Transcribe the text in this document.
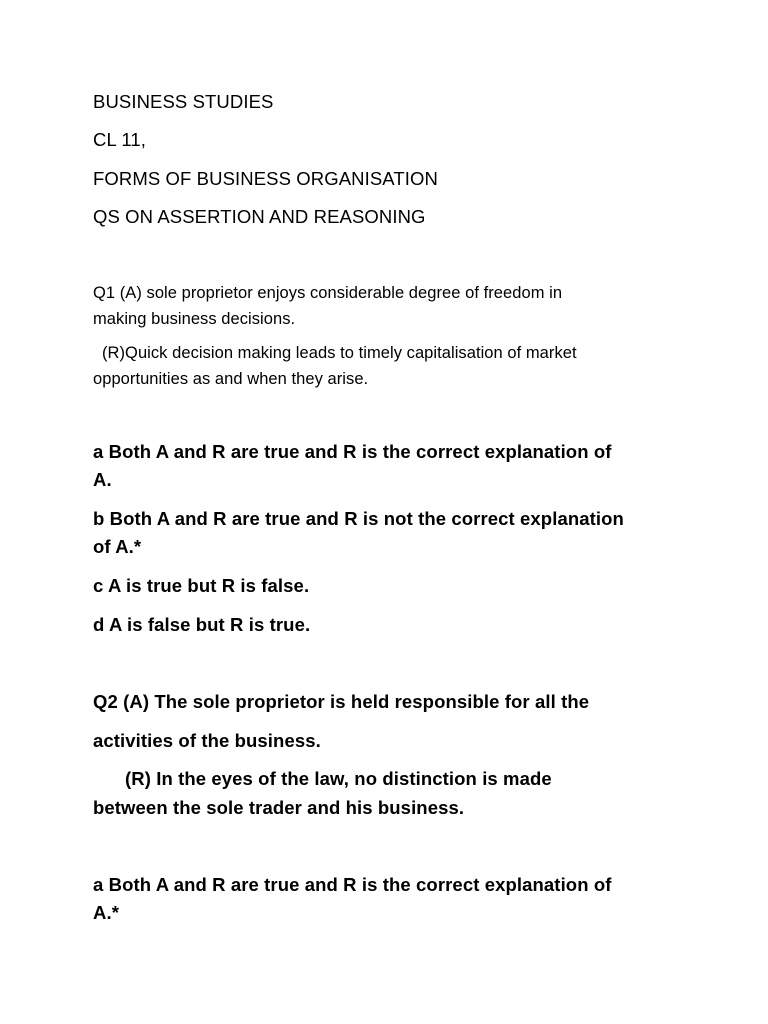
BUSINESS STUDIES

CL 11,

FORMS OF BUSINESS ORGANISATION

QS ON ASSERTION AND REASONING

Q1 (A) sole proprietor enjoys considerable degree of freedom in

making business decisions.

(R)Quick decision making leads to timely capitalisation of market

opportunities as and when they arise.

a Both A and R are true and R is the correct explanation of

A.

b Both A and R are true and R is not the correct explanation

of A.*

c A is true but R is false.

d A is false but R is true.

Q2 (A) The sole proprietor is held responsible for all the

activities of the business.

(R) In the eyes of the law, no distinction is made

between the sole trader and his business.

a Both A and R are true and R is the correct explanation of

A.*
